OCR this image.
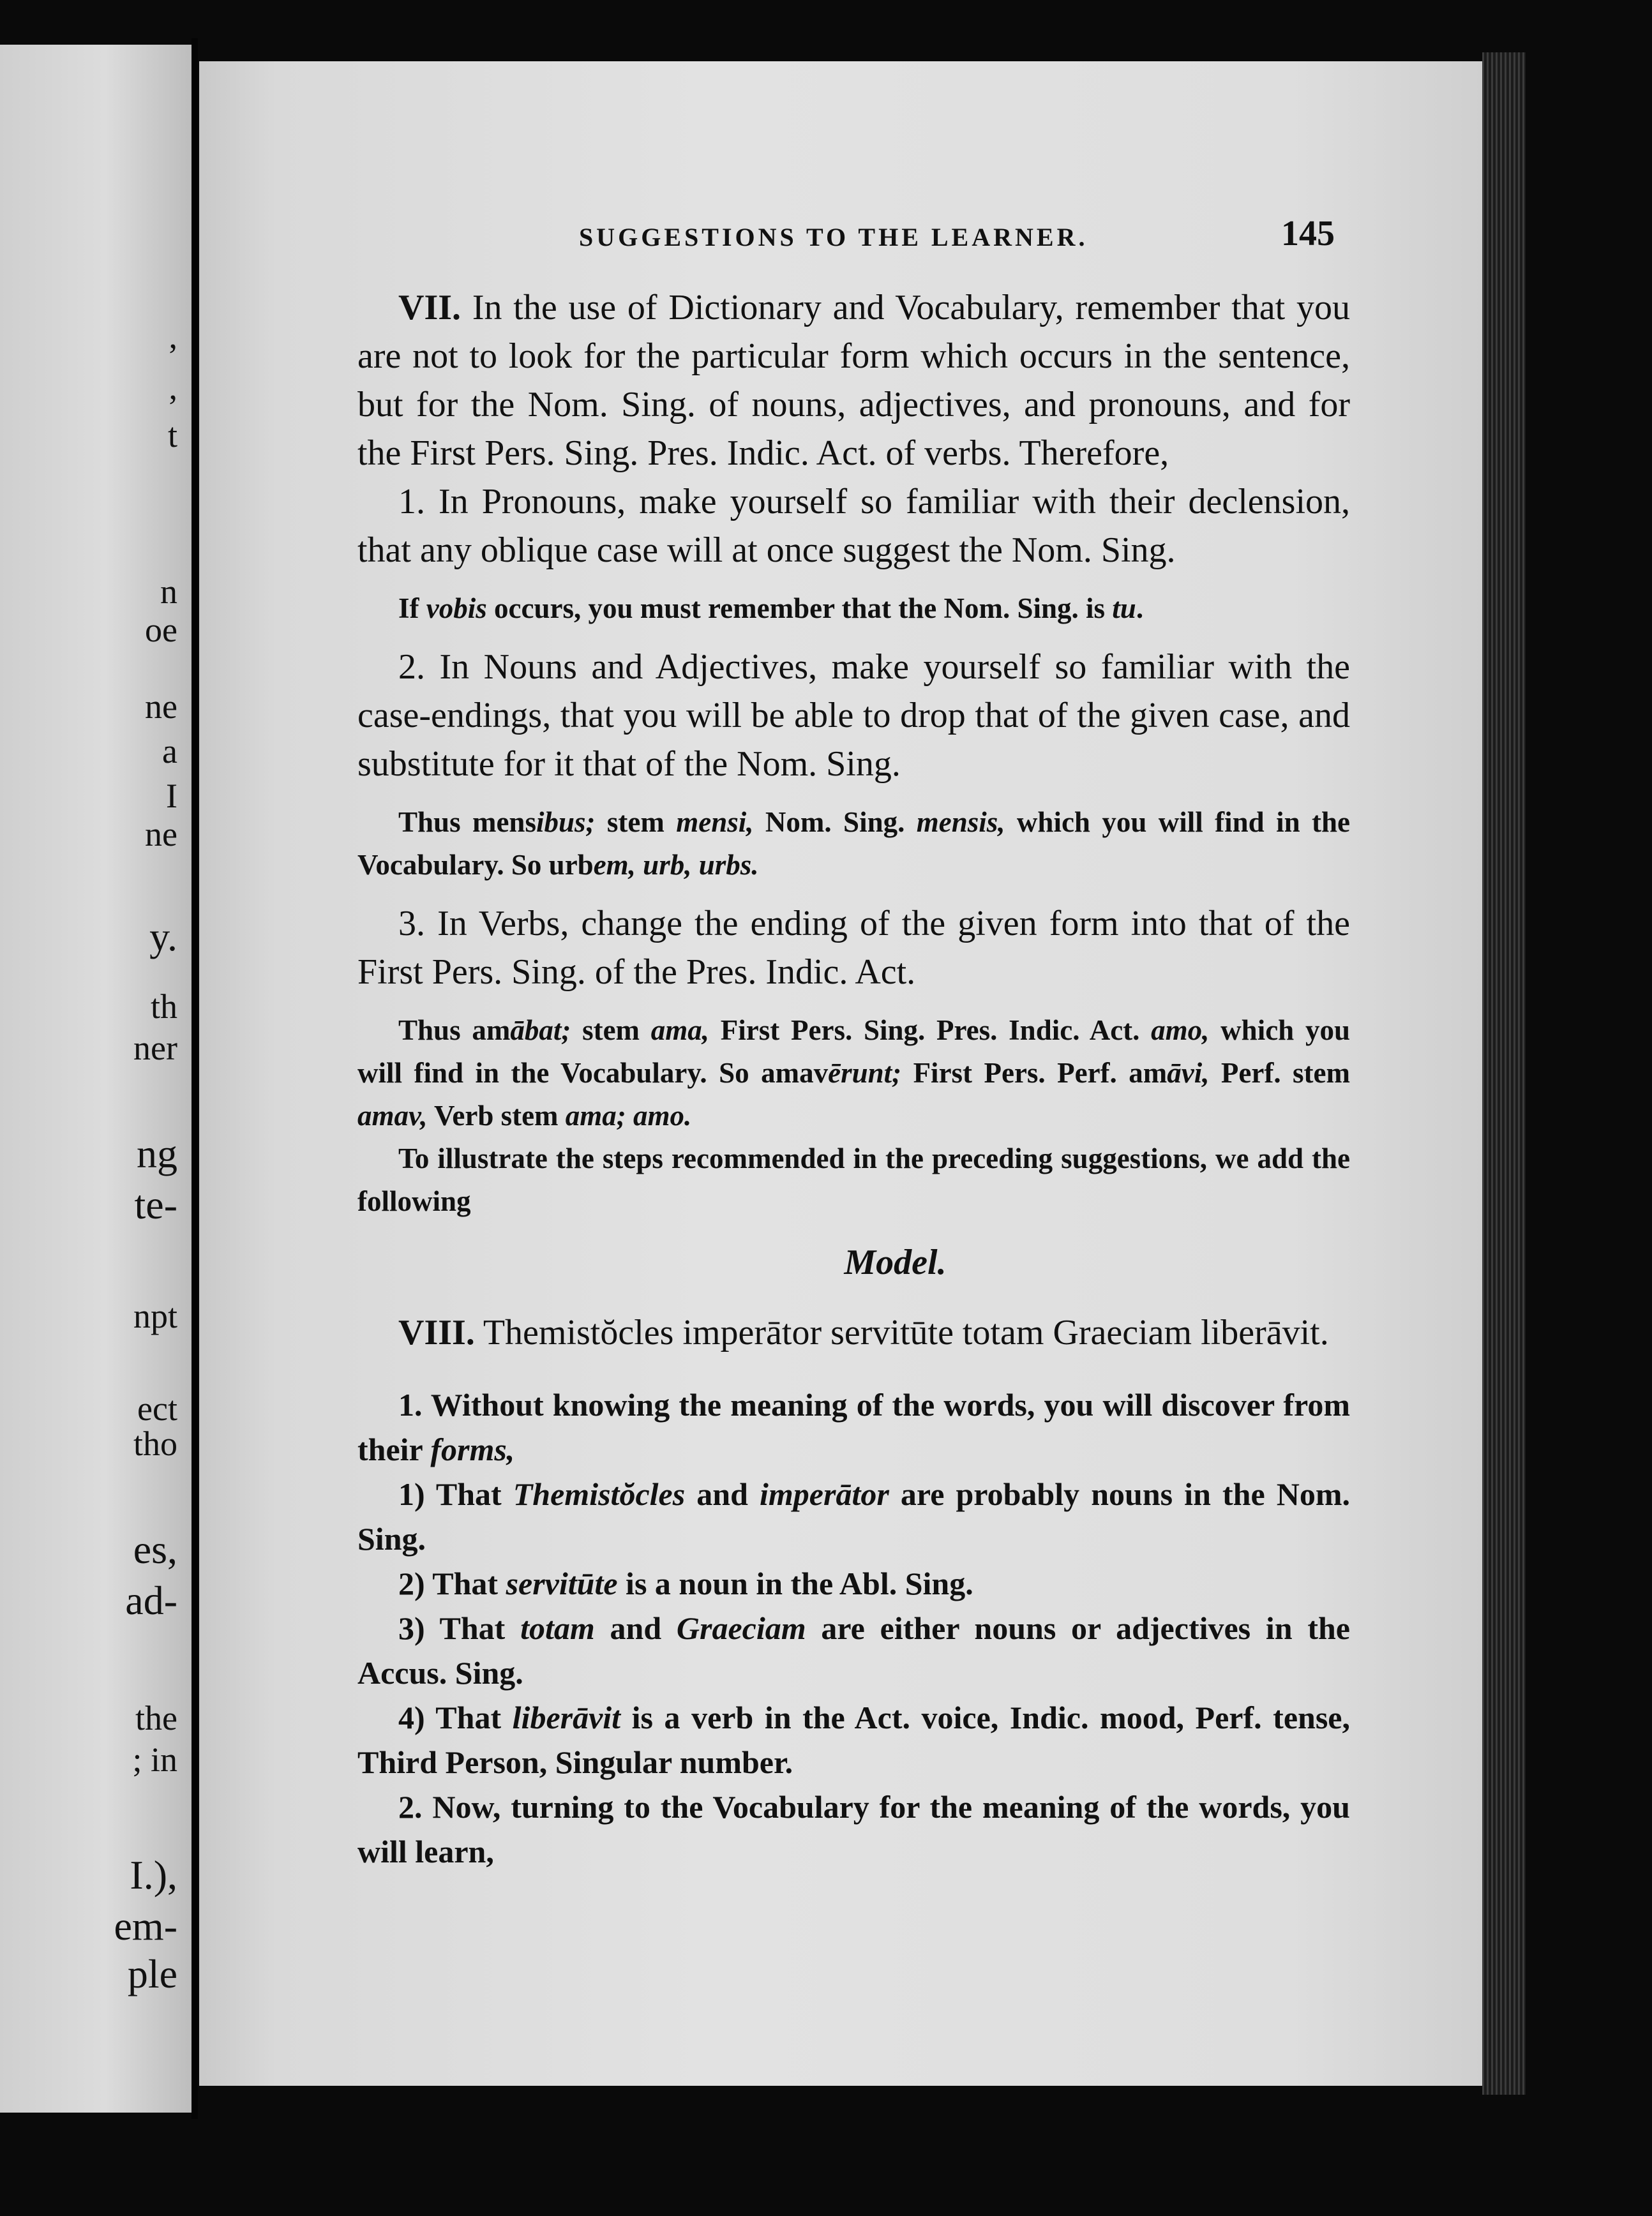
,
,
t
n
oe
ne
a
I
ne
y.
th
ner
ng
te-
npt
ect
tho
es,
ad-
the
; in
I.),
em-
ple
SUGGESTIONS TO THE LEARNER.	145

VII. In the use of Dictionary and Vocabulary, remember that you are not to look for the particular form which occurs in the sentence, but for the Nom. Sing. of nouns, adjectives, and pronouns, and for the First Pers. Sing. Pres. Indic. Act. of verbs. Therefore,

1. In Pronouns, make yourself so familiar with their declension, that any oblique case will at once suggest the Nom. Sing.

If vobis occurs, you must remember that the Nom. Sing. is tu.

2. In Nouns and Adjectives, make yourself so familiar with the case-endings, that you will be able to drop that of the given case, and substitute for it that of the Nom. Sing.

Thus mensibus; stem mensi, Nom. Sing. mensis, which you will find in the Vocabulary. So urbem, urb, urbs.

3. In Verbs, change the ending of the given form into that of the First Pers. Sing. of the Pres. Indic. Act.

Thus amābat; stem ama, First Pers. Sing. Pres. Indic. Act. amo, which you will find in the Vocabulary. So amavērunt; First Pers. Perf. amāvi, Perf. stem amav, Verb stem ama; amo.

To illustrate the steps recommended in the preceding suggestions, we add the following

Model.

VIII. Themistŏcles imperātor servitūte totam Graeciam liberāvit.

1. Without knowing the meaning of the words, you will discover from their forms,

1) That Themistŏcles and imperātor are probably nouns in the Nom. Sing.

2) That servitūte is a noun in the Abl. Sing.

3) That totam and Graeciam are either nouns or adjectives in the Accus. Sing.

4) That liberāvit is a verb in the Act. voice, Indic. mood, Perf. tense, Third Person, Singular number.

2. Now, turning to the Vocabulary for the meaning of the words, you will learn,
